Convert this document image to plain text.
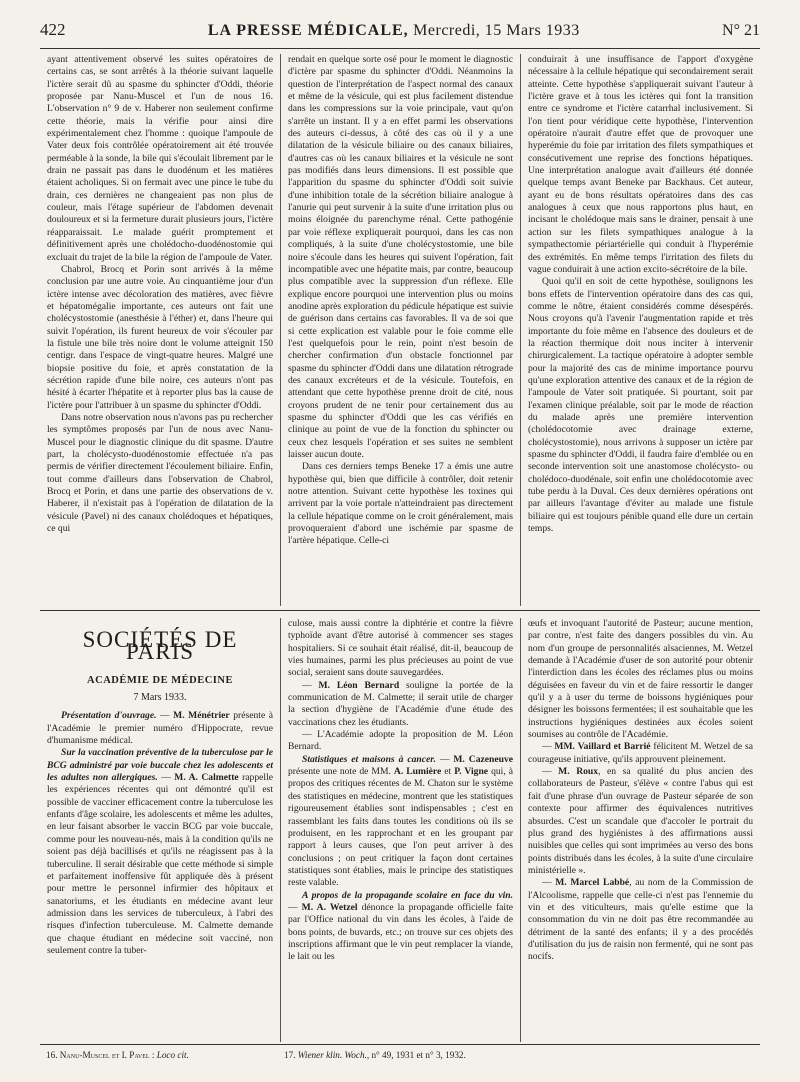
422	LA PRESSE MÉDICALE, Mercredi, 15 Mars 1933	N° 21

ayant attentivement observé les suites opératoires de certains cas, se sont arrêtés à la théorie suivant laquelle l'ictère serait dû au spasme du sphincter d'Oddi, théorie proposée par Nanu-Muscel et l'un de nous 16. L'observation n° 9 de v. Haberer non seulement confirme cette théorie, mais la vérifie pour ainsi dire expérimentalement chez l'homme : quoique l'ampoule de Vater deux fois contrôlée opératoirement ait été trouvée perméable à la sonde, la bile qui s'écoulait librement par le drain ne passait pas dans le duodénum et les matières étaient acholiques. Si on fermait avec une pince le tube du drain, ces dernières ne changeaient pas non plus de couleur, mais l'étage supérieur de l'abdomen devenait douloureux et si la fermeture durait plusieurs jours, l'ictère réapparaissait. Le malade guérit promptement et définitivement après une cholédocho-duodénostomie qui excluait du trajet de la bile la région de l'ampoule de Vater.

Chabrol, Brocq et Porin sont arrivés à la même conclusion par une autre voie. Au cinquantième jour d'un ictère intense avec décoloration des matières, avec fièvre et hépatomégalie importante, ces auteurs ont fait une cholécystostomie (anesthésie à l'éther) et, dans l'heure qui suivit l'opération, ils furent heureux de voir s'écouler par la fistule une bile très noire dont le volume atteignit 150 centigr. dans l'espace de vingt-quatre heures. Malgré une biopsie positive du foie, et après constatation de la sécrétion rapide d'une bile noire, ces auteurs n'ont pas hésité à écarter l'hépatite et à reporter plus bas la cause de l'ictère pour l'attribuer à un spasme du sphincter d'Oddi.

Dans notre observation nous n'avons pas pu rechercher les symptômes proposés par l'un de nous avec Nanu-Muscel pour le diagnostic clinique du dit spasme. D'autre part, la cholécysto-duodénostomie effectuée n'a pas permis de vérifier directement l'écoulement biliaire. Enfin, tout comme d'ailleurs dans l'observation de Chabrol, Brocq et Porin, et dans une partie des observations de v. Haberer, il n'existait pas à l'opération de dilatation de la vésicule (Pavel) ni des canaux cholédoques et hépatiques, ce qui

rendait en quelque sorte osé pour le moment le diagnostic d'ictère par spasme du sphincter d'Oddi. Néanmoins la question de l'interprétation de l'aspect normal des canaux et même de la vésicule, qui est plus facilement distendue dans les compressions sur la voie principale, vaut qu'on s'arrête un instant. Il y a en effet parmi les observations des auteurs ci-dessus, à côté des cas où il y a une dilatation de la vésicule biliaire ou des canaux biliaires, d'autres cas où les canaux biliaires et la vésicule ne sont pas modifiés dans leurs dimensions. Il est possible que l'apparition du spasme du sphincter d'Oddi soit suivie d'une inhibition totale de la sécrétion biliaire analogue à l'anurie qui peut survenir à la suite d'une irritation plus ou moins éloignée du parenchyme rénal. Cette pathogénie par voie réflexe expliquerait pourquoi, dans les cas non compliqués, à la suite d'une cholécystostomie, une bile noire s'écoule dans les heures qui suivent l'opération, fait incompatible avec une hépatite mais, par contre, beaucoup plus compatible avec la suppression d'un réflexe. Elle explique encore pourquoi une intervention plus ou moins anodine après exploration du pédicule hépatique est suivie de guérison dans certains cas favorables. Il va de soi que si cette explication est valable pour le foie comme elle l'est quelquefois pour le rein, point n'est besoin de chercher confirmation d'un obstacle fonctionnel par spasme du sphincter d'Oddi dans une dilatation rétrograde des canaux excréteurs et de la vésicule. Toutefois, en attendant que cette hypothèse prenne droit de cité, nous croyons prudent de ne tenir pour certainement dus au spasme du sphincter d'Oddi que les cas vérifiés en clinique au point de vue de la fonction du sphincter ou ceux chez lesquels l'opération et ses suites ne semblent laisser aucun doute.

Dans ces derniers temps Beneke 17 a émis une autre hypothèse qui, bien que difficile à contrôler, doit retenir notre attention. Suivant cette hypothèse les toxines qui arrivent par la voie portale n'atteindraient pas directement la cellule hépatique comme on le croit généralement, mais provoqueraient d'abord une ischémie par spasme de l'artère hépatique. Celle-ci

conduirait à une insuffisance de l'apport d'oxygène nécessaire à la cellule hépatique qui secondairement serait atteinte. Cette hypothèse s'appliquerait suivant l'auteur à l'ictère grave et à tous les ictères qui font la transition entre ce syndrome et l'ictère catarrhal inclusivement. Si l'on tient pour véridique cette hypothèse, l'intervention opératoire n'aurait d'autre effet que de provoquer une hyperémie du foie par irritation des filets sympathiques et consécutivement une reprise des fonctions hépatiques. Une interprétation analogue avait d'ailleurs été donnée quelque temps avant Beneke par Backhaus. Cet auteur, ayant eu de bons résultats opératoires dans des cas analogues à ceux que nous rapportons plus haut, en incisant le cholédoque mais sans le drainer, pensait à une action sur les filets sympathiques analogue à la sympathectomie périartérielle qui conduit à l'hyperémie des extrémités. En même temps l'irritation des filets du vague conduirait à une action excito-sécrétoire de la bile.

Quoi qu'il en soit de cette hypothèse, soulignons les bons effets de l'intervention opératoire dans des cas qui, comme le nôtre, étaient considérés comme désespérés. Nous croyons qu'à l'avenir l'augmentation rapide et très importante du foie même en l'absence des douleurs et de la réaction thermique doit nous inciter à intervenir chirurgicalement. La tactique opératoire à adopter semble pour la majorité des cas de minime importance pourvu qu'une exploration attentive des canaux et de la région de l'ampoule de Vater soit pratiquée. Si pourtant, soit par l'examen clinique préalable, soit par le mode de réaction du malade après une première intervention (cholédocotomie avec drainage externe, cholécystostomie), nous arrivons à supposer un ictère par spasme du sphincter d'Oddi, il faudra faire d'emblée ou en seconde intervention soit une anastomose cholécysto- ou cholédoco-duodénale, soit enfin une cholédocotomie avec tube perdu à la Duval. Ces deux dernières opérations ont par ailleurs l'avantage d'éviter au malade une fistule biliaire qui est toujours pénible quand elle dure un certain temps.

SOCIÉTÉS DE PARIS
ACADÉMIE DE MÉDECINE
7 Mars 1933.

Présentation d'ouvrage. — M. Ménétrier présente à l'Académie le premier numéro d'Hippocrate, revue d'humanisme médical.

Sur la vaccination préventive de la tuberculose par le BCG administré par voie buccale chez les adolescents et les adultes non allergiques. — M. A. Calmette rappelle les expériences récentes qui ont démontré qu'il est possible de vacciner efficacement contre la tuberculose les enfants d'âge scolaire, les adolescents et même les adultes, en leur faisant absorber le vaccin BCG par voie buccale, comme pour les nouveau-nés, mais à la condition qu'ils ne soient pas déjà bacillisés et qu'ils ne réagissent pas à la tuberculine. Il serait désirable que cette méthode si simple et parfaitement inoffensive fût appliquée dès à présent pour mettre le personnel infirmier des hôpitaux et sanatoriums, et les étudiants en médecine avant leur admission dans les services de tuberculeux, à l'abri des risques d'infection tuberculeuse. M. Calmette demande que chaque étudiant en médecine soit vacciné, non seulement contre la tuber-

culose, mais aussi contre la diphtérie et contre la fièvre typhoïde avant d'être autorisé à commencer ses stages hospitaliers. Si ce souhait était réalisé, dit-il, beaucoup de vies humaines, parmi les plus précieuses au point de vue social, seraient sans doute sauvegardées.

— M. Léon Bernard souligne la portée de la communication de M. Calmette; il serait utile de charger la section d'hygiène de l'Académie d'une étude des vaccinations chez les étudiants.

— L'Académie adopte la proposition de M. Léon Bernard.

Statistiques et maisons à cancer. — M. Cazeneuve présente une note de MM. A. Lumière et P. Vigne qui, à propos des critiques récentes de M. Chaton sur le système des statistiques en médecine, montrent que les statistiques rigoureusement établies sont indispensables ; c'est en rassemblant les faits dans toutes les conditions où ils se produisent, en les rapprochant et en les groupant par rapport à leurs causes, que l'on peut arriver à des conclusions ; on peut critiquer la façon dont certaines statistiques sont établies, mais le principe des statistiques reste valable.

A propos de la propagande scolaire en face du vin. — M. A. Wetzel dénonce la propagande officielle faite par l'Office national du vin dans les écoles, à l'aide de bons points, de buvards, etc.; on trouve sur ces objets des inscriptions affirmant que le vin peut remplacer la viande, le lait ou les

œufs et invoquant l'autorité de Pasteur; aucune mention, par contre, n'est faite des dangers possibles du vin. Au nom d'un groupe de personnalités alsaciennes, M. Wetzel demande à l'Académie d'user de son autorité pour obtenir l'interdiction dans les écoles des réclames plus ou moins déguisées en faveur du vin et de faire ressortir le danger qu'il y a à user du terme de boissons hygiéniques pour désigner les boissons fermentées; il est souhaitable que les instructions hygiéniques destinées aux écoles soient soumises au contrôle de l'Académie.

— MM. Vaillard et Barrié félicitent M. Wetzel de sa courageuse initiative, qu'ils approuvent pleinement.

— M. Roux, en sa qualité du plus ancien des collaborateurs de Pasteur, s'élève « contre l'abus qui est fait d'une phrase d'un ouvrage de Pasteur séparée de son contexte pour affirmer des équivalences nutritives absurdes. C'est un scandale que d'accoler le portrait du plus grand des hygiénistes à des affirmations aussi nuisibles que celles qui sont imprimées au verso des bons points distribués dans les écoles, à la suite d'une circulaire ministérielle ».

— M. Marcel Labbé, au nom de la Commission de l'Alcoolisme, rappelle que celle-ci n'est pas l'ennemie du vin et des viticulteurs, mais qu'elle estime que la consommation du vin ne doit pas être recommandée au détriment de la santé des enfants; il y a des procédés d'utilisation du jus de raisin non fermenté, qui ne sont pas nocifs.

16. Nanu-Muscel et I. Pavel : Loco cit.	17. Wiener klin. Woch., n° 49, 1931 et n° 3, 1932.
